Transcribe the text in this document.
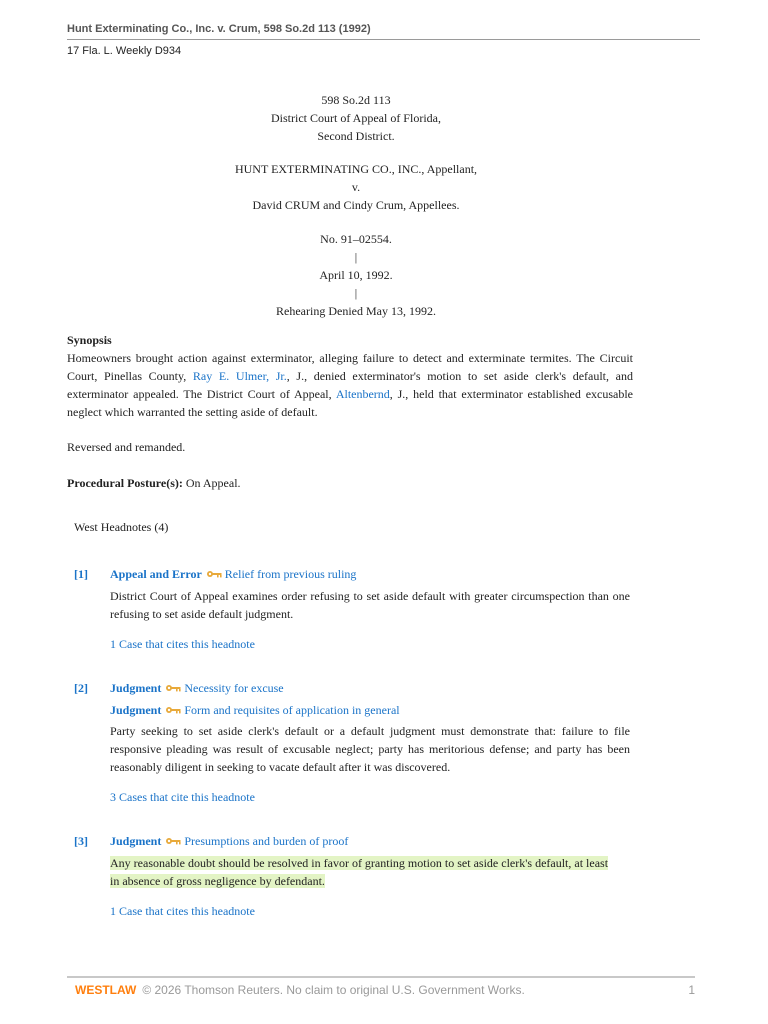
Hunt Exterminating Co., Inc. v. Crum, 598 So.2d 113 (1992)
17 Fla. L. Weekly D934
598 So.2d 113
District Court of Appeal of Florida,
Second District.
HUNT EXTERMINATING CO., INC., Appellant,
v.
David CRUM and Cindy Crum, Appellees.
No. 91–02554.
|
April 10, 1992.
|
Rehearing Denied May 13, 1992.
Synopsis
Homeowners brought action against exterminator, alleging failure to detect and exterminate termites. The Circuit Court, Pinellas County, Ray E. Ulmer, Jr., J., denied exterminator's motion to set aside clerk's default, and exterminator appealed. The District Court of Appeal, Altenbernd, J., held that exterminator established excusable neglect which warranted the setting aside of default.
Reversed and remanded.
Procedural Posture(s): On Appeal.
West Headnotes (4)
[1] Appeal and Error Relief from previous ruling
District Court of Appeal examines order refusing to set aside default with greater circumspection than one refusing to set aside default judgment.
1 Case that cites this headnote
[2] Judgment Necessity for excuse
Judgment Form and requisites of application in general
Party seeking to set aside clerk's default or a default judgment must demonstrate that: failure to file responsive pleading was result of excusable neglect; party has meritorious defense; and party has been reasonably diligent in seeking to vacate default after it was discovered.
3 Cases that cite this headnote
[3] Judgment Presumptions and burden of proof
Any reasonable doubt should be resolved in favor of granting motion to set aside clerk's default, at least
in absence of gross negligence by defendant.
1 Case that cites this headnote
WESTLAW © 2026 Thomson Reuters. No claim to original U.S. Government Works.	1
